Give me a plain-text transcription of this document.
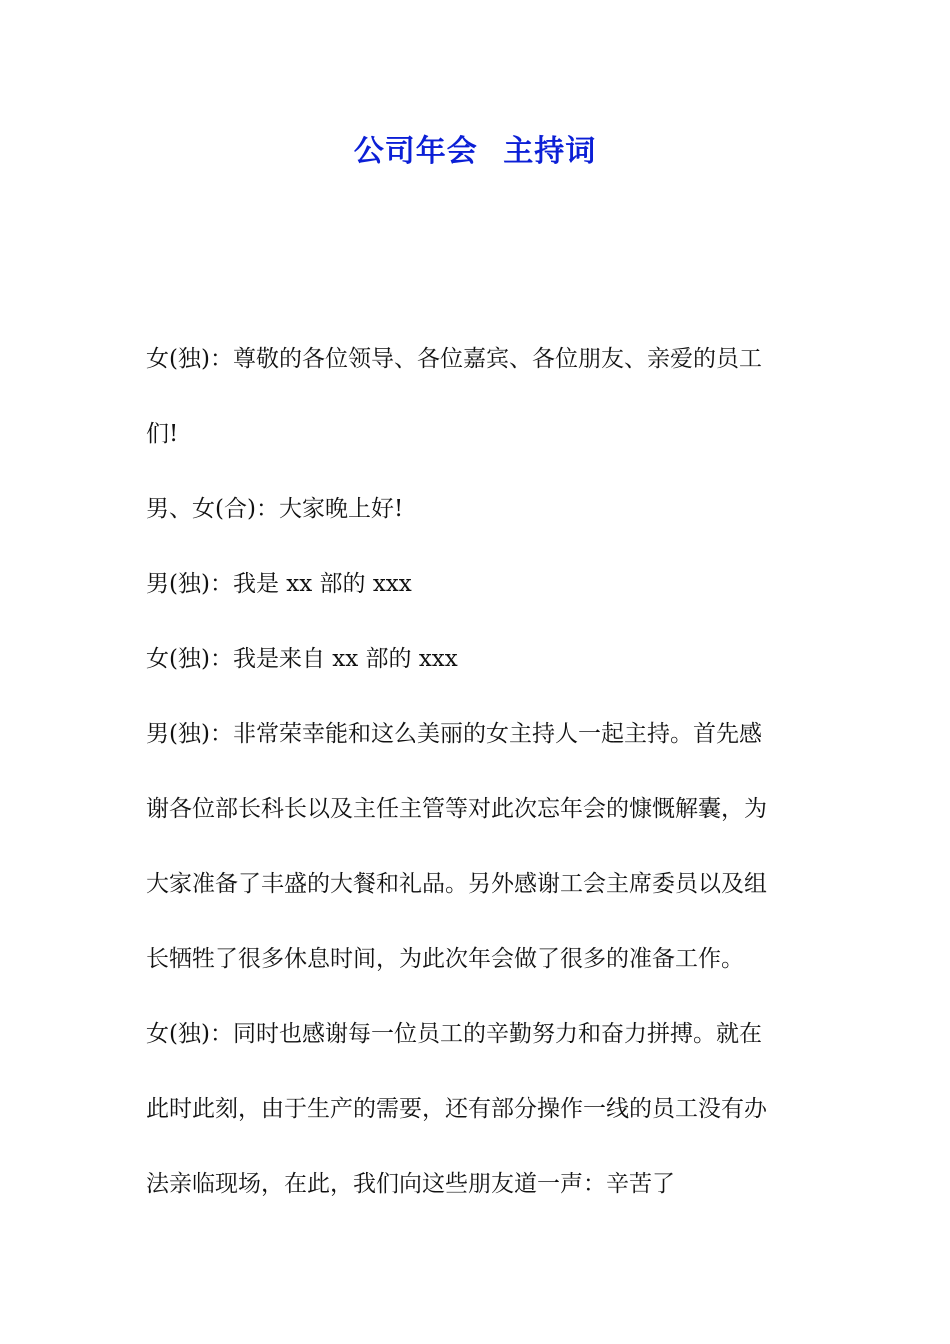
公司年会 主持词

女(独)：尊敬的各位领导、各位嘉宾、各位朋友、亲爱的员工

们!

男、女(合)：大家晚上好!

男(独)：我是 xx 部的 xxx

女(独)：我是来自 xx 部的 xxx

男(独)：非常荣幸能和这么美丽的女主持人一起主持。首先感

谢各位部长科长以及主任主管等对此次忘年会的慷慨解囊，为

大家准备了丰盛的大餐和礼品。另外感谢工会主席委员以及组

长牺牲了很多休息时间，为此次年会做了很多的准备工作。

女(独)：同时也感谢每一位员工的辛勤努力和奋力拼搏。就在

此时此刻，由于生产的需要，还有部分操作一线的员工没有办

法亲临现场，在此，我们向这些朋友道一声：辛苦了
